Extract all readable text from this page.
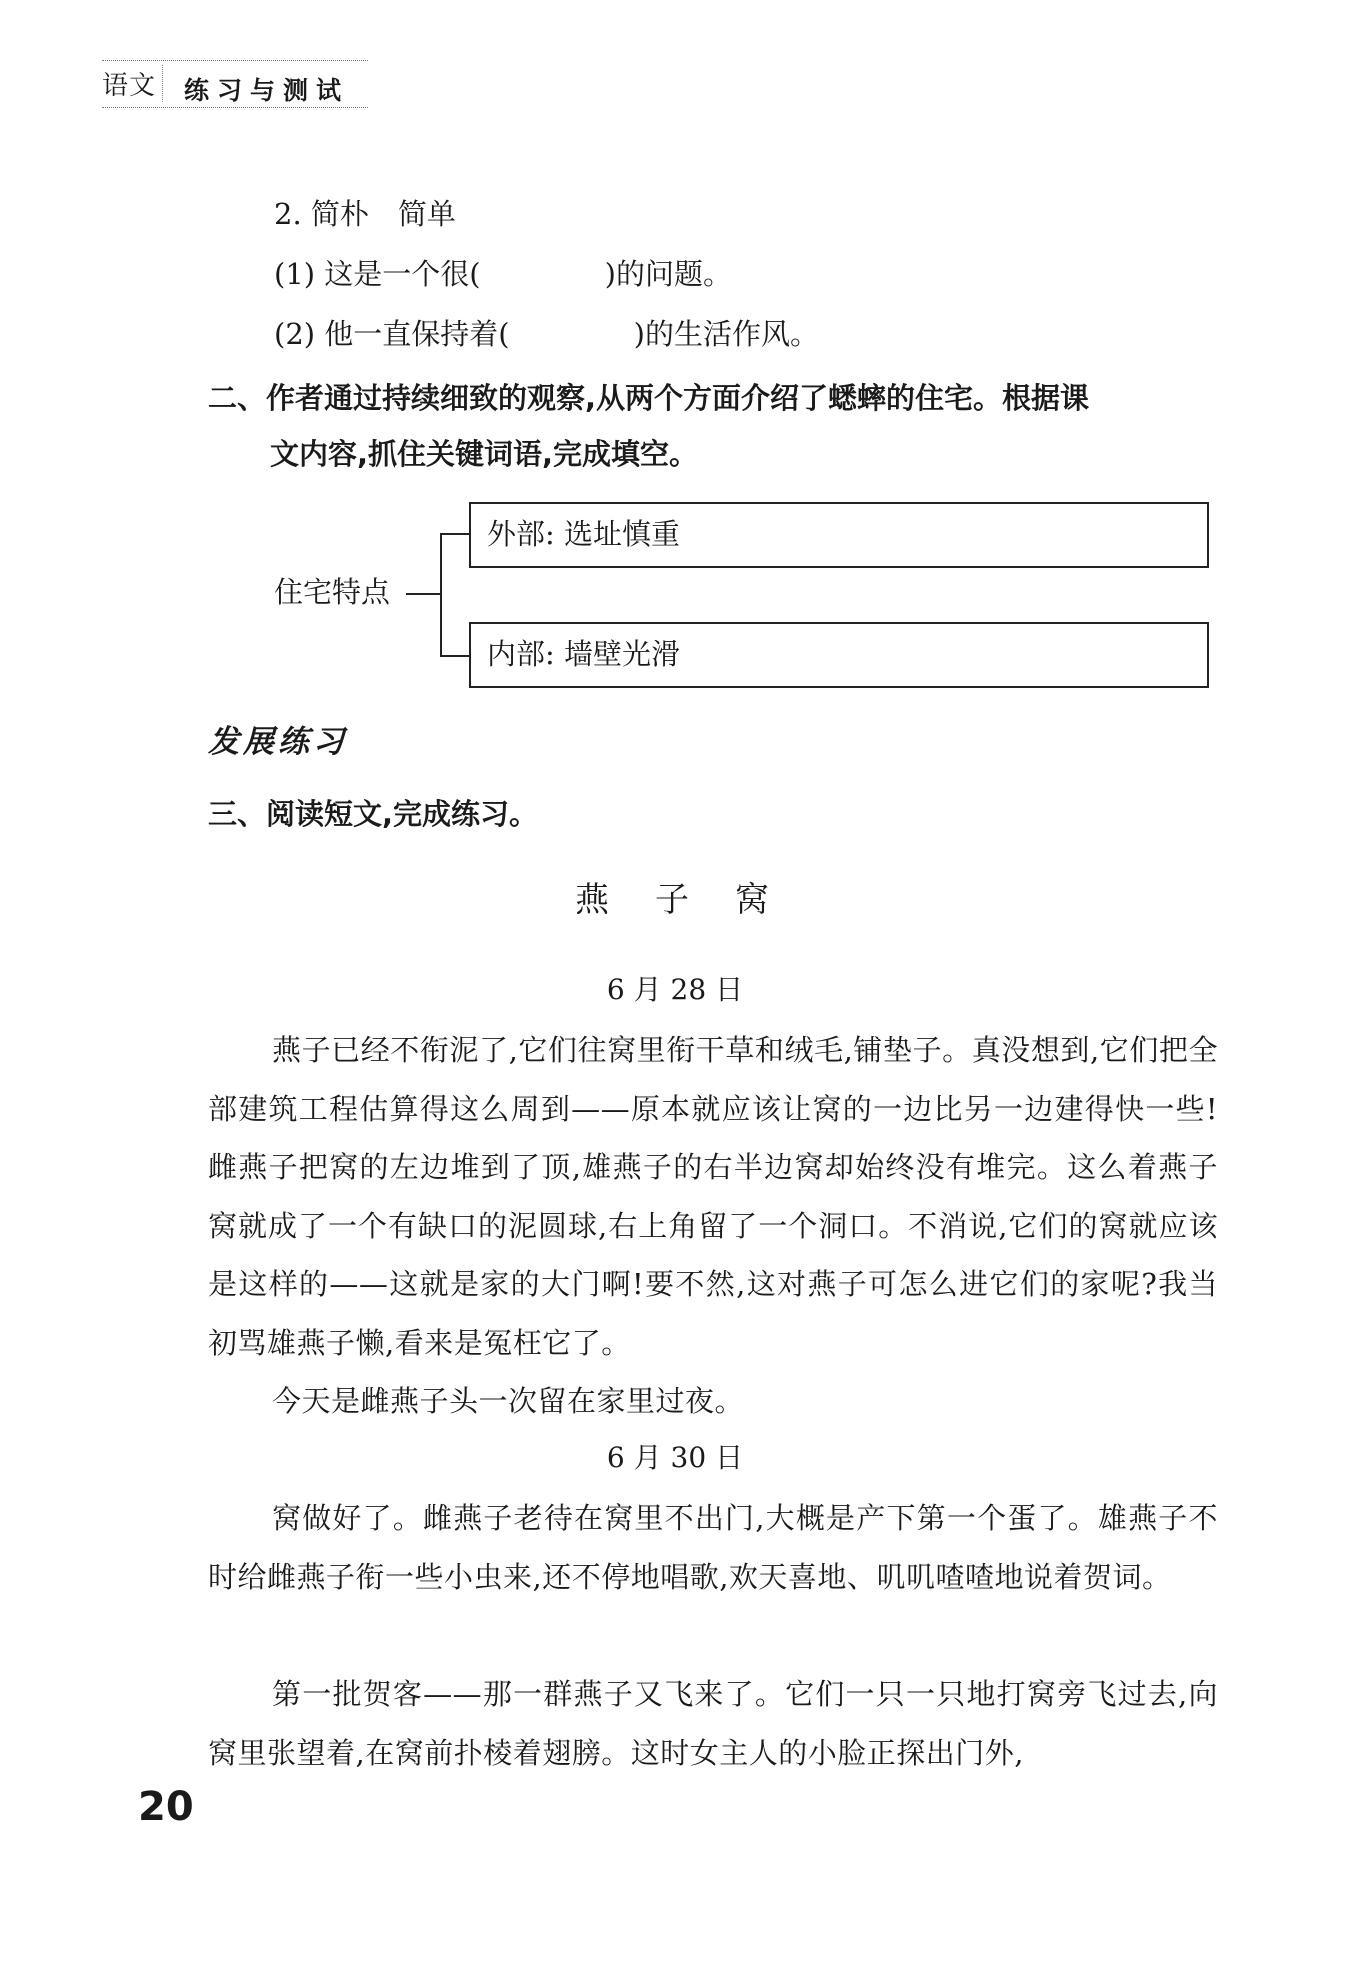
语文 练习与测试
2. 简朴　简单
(1) 这是一个很(	)的问题。
(2) 他一直保持着(	)的生活作风。
二、作者通过持续细致的观察,从两个方面介绍了蟋蟀的住宅。根据课
文内容,抓住关键词语,完成填空。
住宅特点
外部: 选址慎重
内部: 墙壁光滑
发展练习
三、阅读短文,完成练习。
燕　子　窝
6 月 28 日
燕子已经不衔泥了,它们往窝里衔干草和绒毛,铺垫子。真没想到,它们把全部建筑工程估算得这么周到——原本就应该让窝的一边比另一边建得快一些!雌燕子把窝的左边堆到了顶,雄燕子的右半边窝却始终没有堆完。这么着燕子窝就成了一个有缺口的泥圆球,右上角留了一个洞口。不消说,它们的窝就应该是这样的——这就是家的大门啊!要不然,这对燕子可怎么进它们的家呢?我当初骂雄燕子懒,看来是冤枉它了。
今天是雌燕子头一次留在家里过夜。
6 月 30 日
窝做好了。雌燕子老待在窝里不出门,大概是产下第一个蛋了。雄燕子不时给雌燕子衔一些小虫来,还不停地唱歌,欢天喜地、叽叽喳喳地说着贺词。
第一批贺客——那一群燕子又飞来了。它们一只一只地打窝旁飞过去,向窝里张望着,在窝前扑棱着翅膀。这时女主人的小脸正探出门外,
20
